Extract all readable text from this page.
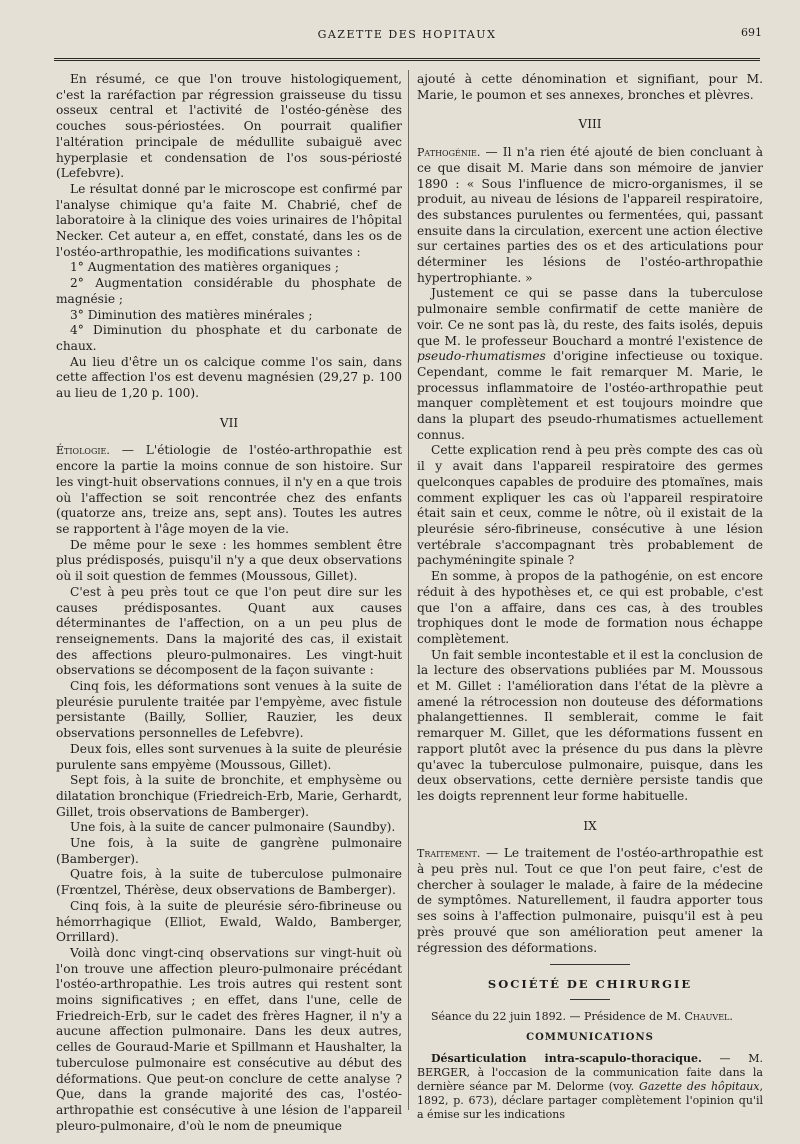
GAZETTE DES HOPITAUX	691

En résumé, ce que l'on trouve histologiquement, c'est la raréfaction par régression graisseuse du tissu osseux central et l'activité de l'ostéo-génèse des couches sous-périostées. On pourrait qualifier l'altération principale de médullite subaiguë avec hyperplasie et condensation de l'os sous-périosté (Lefebvre).

Le résultat donné par le microscope est confirmé par l'analyse chimique qu'a faite M. Chabrié, chef de laboratoire à la clinique des voies urinaires de l'hôpital Necker. Cet auteur a, en effet, constaté, dans les os de l'ostéo-arthropathie, les modifications suivantes :

1° Augmentation des matières organiques ;

2° Augmentation considérable du phosphate de magnésie ;

3° Diminution des matières minérales ;

4° Diminution du phosphate et du carbonate de chaux.

Au lieu d'être un os calcique comme l'os sain, dans cette affection l'os est devenu magnésien (29,27 p. 100 au lieu de 1,20 p. 100).

VII

Étiologie. — L'étiologie de l'ostéo-arthropathie est encore la partie la moins connue de son histoire. Sur les vingt-huit observations connues, il n'y en a que trois où l'affection se soit rencontrée chez des enfants (quatorze ans, treize ans, sept ans). Toutes les autres se rapportent à l'âge moyen de la vie.

De même pour le sexe : les hommes semblent être plus prédisposés, puisqu'il n'y a que deux observations où il soit question de femmes (Moussous, Gillet).

C'est à peu près tout ce que l'on peut dire sur les causes prédisposantes. Quant aux causes déterminantes de l'affection, on a un peu plus de renseignements. Dans la majorité des cas, il existait des affections pleuro-pulmonaires. Les vingt-huit observations se décomposent de la façon suivante :

Cinq fois, les déformations sont venues à la suite de pleurésie purulente traitée par l'empyème, avec fistule persistante (Bailly, Sollier, Rauzier, les deux observations personnelles de Lefebvre).

Deux fois, elles sont survenues à la suite de pleurésie purulente sans empyème (Moussous, Gillet).

Sept fois, à la suite de bronchite, et emphysème ou dilatation bronchique (Friedreich-Erb, Marie, Gerhardt, Gillet, trois observations de Bamberger).

Une fois, à la suite de cancer pulmonaire (Saundby).

Une fois, à la suite de gangrène pulmonaire (Bamberger).

Quatre fois, à la suite de tuberculose pulmonaire (Frœntzel, Thérèse, deux observations de Bamberger).

Cinq fois, à la suite de pleurésie séro-fibrineuse ou hémorrhagique (Elliot, Ewald, Waldo, Bamberger, Orrillard).

Voilà donc vingt-cinq observations sur vingt-huit où l'on trouve une affection pleuro-pulmonaire précédant l'ostéo-arthropathie. Les trois autres qui restent sont moins significatives ; en effet, dans l'une, celle de Friedreich-Erb, sur le cadet des frères Hagner, il n'y a aucune affection pulmonaire. Dans les deux autres, celles de Gouraud-Marie et Spillmann et Haushalter, la tuberculose pulmonaire est consécutive au début des déformations. Que peut-on conclure de cette analyse ? Que, dans la grande majorité des cas, l'ostéo-arthropathie est consécutive à une lésion de l'appareil pleuro-pulmonaire, d'où le nom de pneumique

ajouté à cette dénomination et signifiant, pour M. Marie, le poumon et ses annexes, bronches et plèvres.

VIII

Pathogénie. — Il n'a rien été ajouté de bien concluant à ce que disait M. Marie dans son mémoire de janvier 1890 : « Sous l'influence de micro-organismes, il se produit, au niveau de lésions de l'appareil respiratoire, des substances purulentes ou fermentées, qui, passant ensuite dans la circulation, exercent une action élective sur certaines parties des os et des articulations pour déterminer les lésions de l'ostéo-arthropathie hypertrophiante. »

Justement ce qui se passe dans la tuberculose pulmonaire semble confirmatif de cette manière de voir. Ce ne sont pas là, du reste, des faits isolés, depuis que M. le professeur Bouchard a montré l'existence de pseudo-rhumatismes d'origine infectieuse ou toxique. Cependant, comme le fait remarquer M. Marie, le processus inflammatoire de l'ostéo-arthropathie peut manquer complètement et est toujours moindre que dans la plupart des pseudo-rhumatismes actuellement connus.

Cette explication rend à peu près compte des cas où il y avait dans l'appareil respiratoire des germes quelconques capables de produire des ptomaïnes, mais comment expliquer les cas où l'appareil respiratoire était sain et ceux, comme le nôtre, où il existait de la pleurésie séro-fibrineuse, consécutive à une lésion vertébrale s'accompagnant très probablement de pachyméningite spinale ?

En somme, à propos de la pathogénie, on est encore réduit à des hypothèses et, ce qui est probable, c'est que l'on a affaire, dans ces cas, à des troubles trophiques dont le mode de formation nous échappe complètement.

Un fait semble incontestable et il est la conclusion de la lecture des observations publiées par M. Moussous et M. Gillet : l'amélioration dans l'état de la plèvre a amené la rétrocession non douteuse des déformations phalangettiennes. Il semblerait, comme le fait remarquer M. Gillet, que les déformations fussent en rapport plutôt avec la présence du pus dans la plèvre qu'avec la tuberculose pulmonaire, puisque, dans les deux observations, cette dernière persiste tandis que les doigts reprennent leur forme habituelle.

IX

Traitement. — Le traitement de l'ostéo-arthropathie est à peu près nul. Tout ce que l'on peut faire, c'est de chercher à soulager le malade, à faire de la médecine de symptômes. Naturellement, il faudra apporter tous ses soins à l'affection pulmonaire, puisqu'il est à peu près prouvé que son amélioration peut amener la régression des déformations.

SOCIÉTÉ DE CHIRURGIE

Séance du 22 juin 1892. — Présidence de M. Chauvel.

COMMUNICATIONS

Désarticulation intra-scapulo-thoracique. — M. BERGER, à l'occasion de la communication faite dans la dernière séance par M. Delorme (voy. Gazette des hôpitaux, 1892, p. 673), déclare partager complètement l'opinion qu'il a émise sur les indications
